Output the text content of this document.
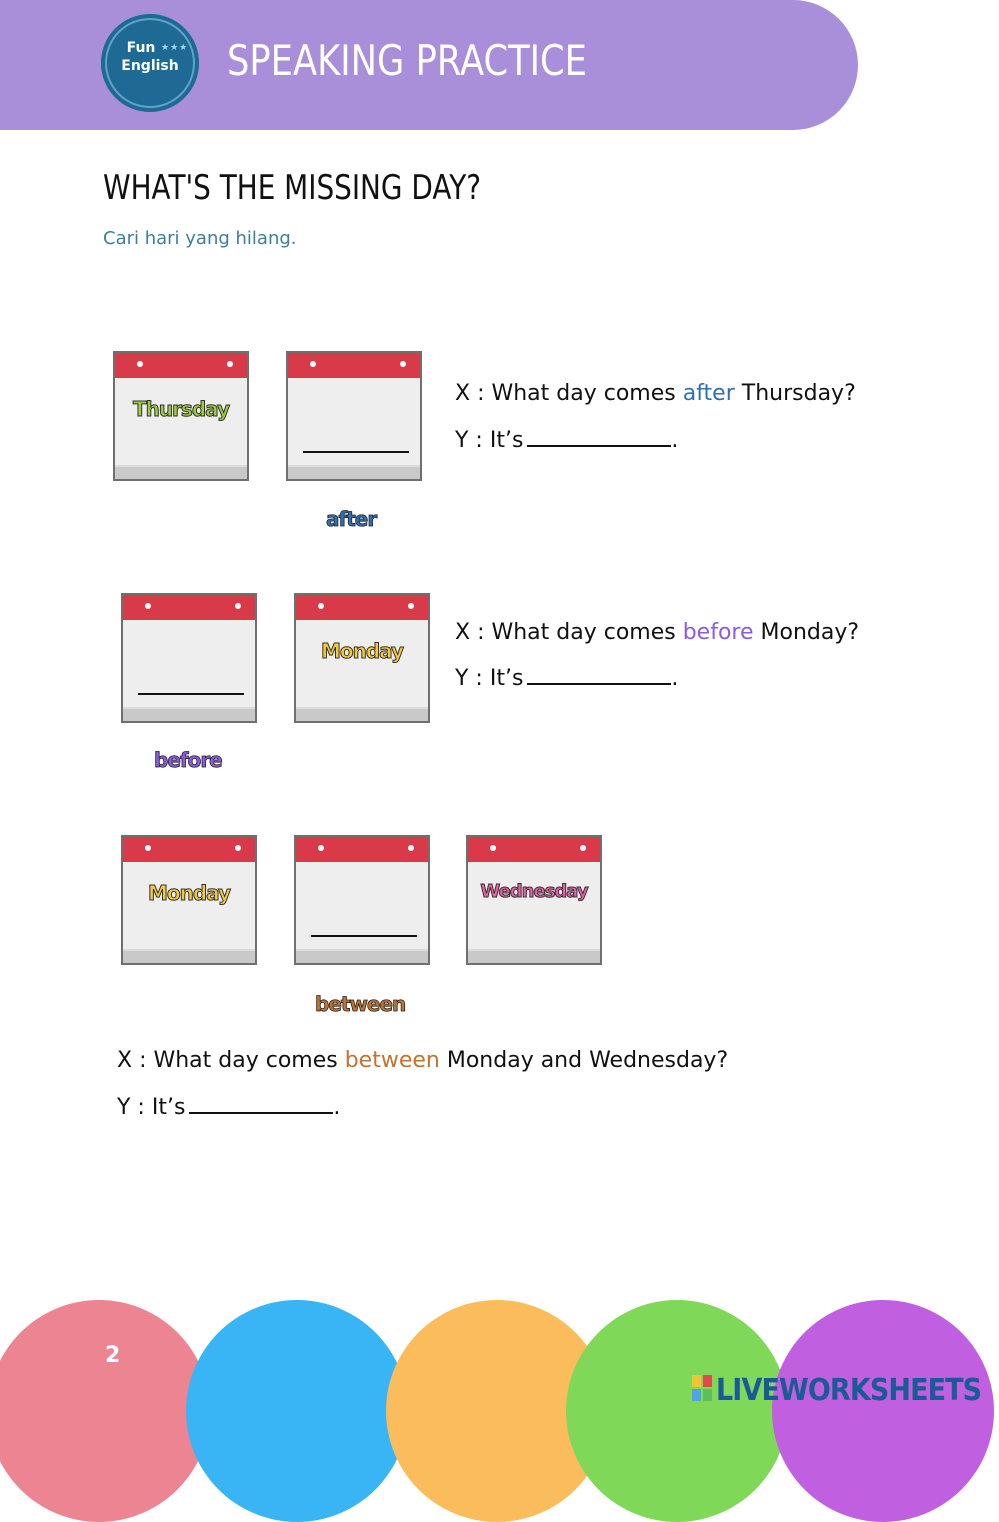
Fun
English
★★★ SPEAKING PRACTICE
WHAT'S THE MISSING DAY?
Cari hari yang hilang.
Thursday
after
X : What day comes after Thursday?
Y : It’s	.
Monday
before
X : What day comes before Monday?
Y : It’s	.
Monday	Wednesday
between
X : What day comes between Monday and Wednesday?
Y : It’s	.
2
LIVEWORKSHEETS
